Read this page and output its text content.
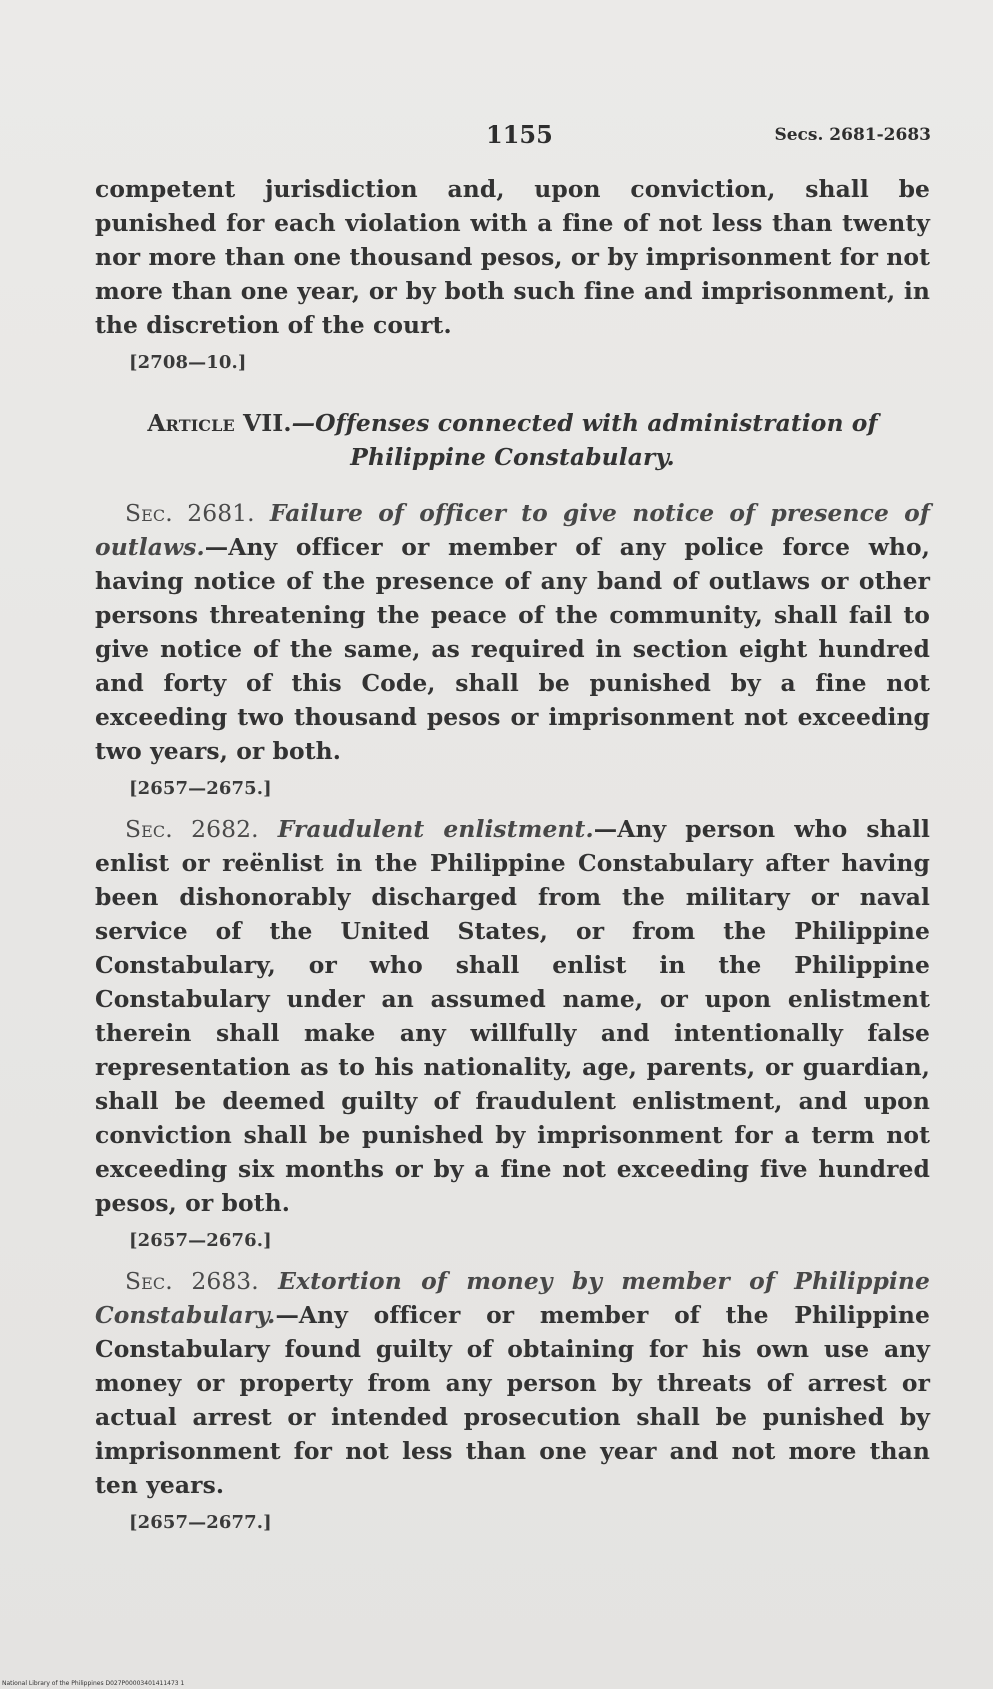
1155	Secs. 2681-2683

competent jurisdiction and, upon conviction, shall be punished for each violation with a fine of not less than twenty nor more than one thousand pesos, or by imprisonment for not more than one year, or by both such fine and imprisonment, in the discretion of the court.

[2708—10.]
Article VII.—Offenses connected with administration of Philippine Constabulary.

Sec. 2681. Failure of officer to give notice of presence of outlaws.—Any officer or member of any police force who, having notice of the presence of any band of outlaws or other persons threatening the peace of the community, shall fail to give notice of the same, as required in section eight hundred and forty of this Code, shall be punished by a fine not exceeding two thousand pesos or imprisonment not exceeding two years, or both.

[2657—2675.]

Sec. 2682. Fraudulent enlistment.—Any person who shall enlist or reënlist in the Philippine Constabulary after having been dishonorably discharged from the military or naval service of the United States, or from the Philippine Constabulary, or who shall enlist in the Philippine Constabulary under an assumed name, or upon enlistment therein shall make any willfully and intentionally false representation as to his nationality, age, parents, or guardian, shall be deemed guilty of fraudulent enlistment, and upon conviction shall be punished by imprisonment for a term not exceeding six months or by a fine not exceeding five hundred pesos, or both.

[2657—2676.]

Sec. 2683. Extortion of money by member of Philippine Constabulary.—Any officer or member of the Philippine Constabulary found guilty of obtaining for his own use any money or property from any person by threats of arrest or actual arrest or intended prosecution shall be punished by imprisonment for not less than one year and not more than ten years.

[2657—2677.]
National Library of the Philippines D027P00003401411473 1
